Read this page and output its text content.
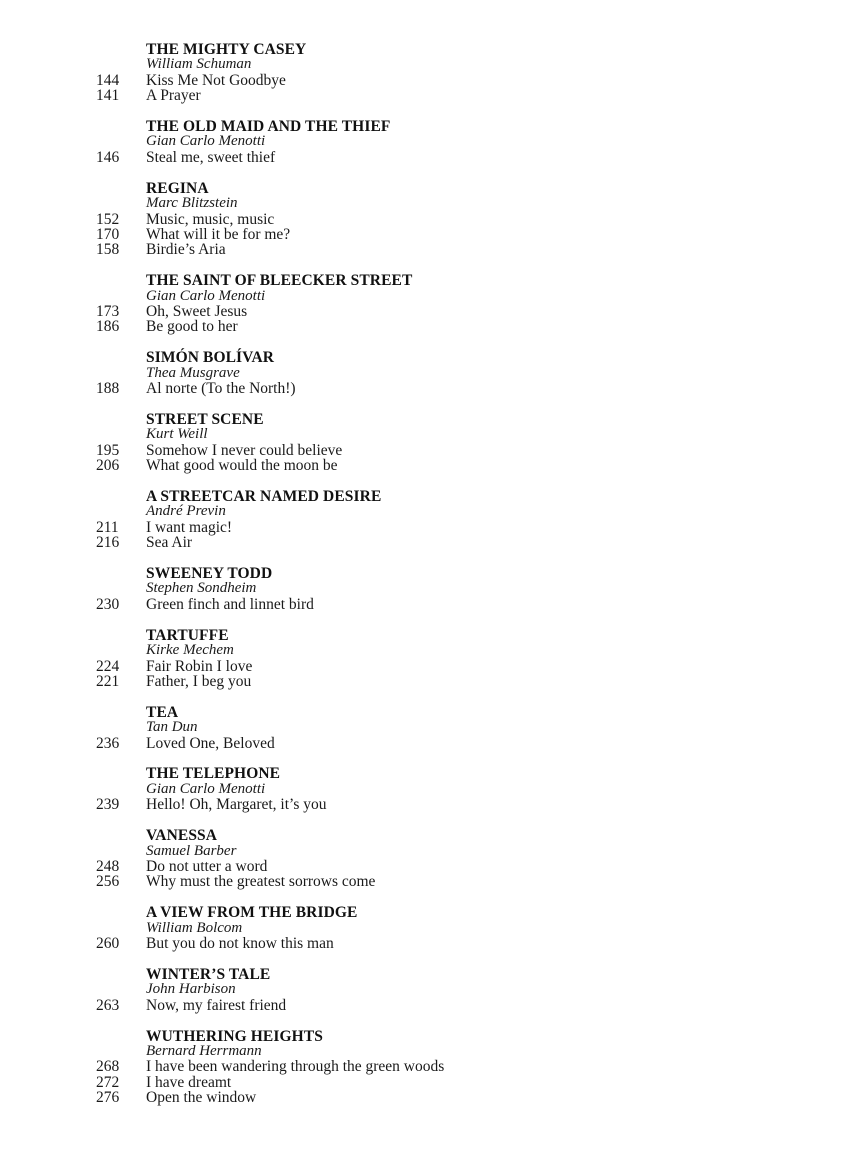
THE MIGHTY CASEY
William Schuman
144	Kiss Me Not Goodbye
141	A Prayer
THE OLD MAID AND THE THIEF
Gian Carlo Menotti
146	Steal me, sweet thief
REGINA
Marc Blitzstein
152	Music, music, music
170	What will it be for me?
158	Birdie’s Aria
THE SAINT OF BLEECKER STREET
Gian Carlo Menotti
173	Oh, Sweet Jesus
186	Be good to her
SIMÓN BOLÍVAR
Thea Musgrave
188	Al norte (To the North!)
STREET SCENE
Kurt Weill
195	Somehow I never could believe
206	What good would the moon be
A STREETCAR NAMED DESIRE
André Previn
211	I want magic!
216	Sea Air
SWEENEY TODD
Stephen Sondheim
230	Green finch and linnet bird
TARTUFFE
Kirke Mechem
224	Fair Robin I love
221	Father, I beg you
TEA
Tan Dun
236	Loved One, Beloved
THE TELEPHONE
Gian Carlo Menotti
239	Hello! Oh, Margaret, it’s you
VANESSA
Samuel Barber
248	Do not utter a word
256	Why must the greatest sorrows come
A VIEW FROM THE BRIDGE
William Bolcom
260	But you do not know this man
WINTER’S TALE
John Harbison
263	Now, my fairest friend
WUTHERING HEIGHTS
Bernard Herrmann
268	I have been wandering through the green woods
272	I have dreamt
276	Open the window
